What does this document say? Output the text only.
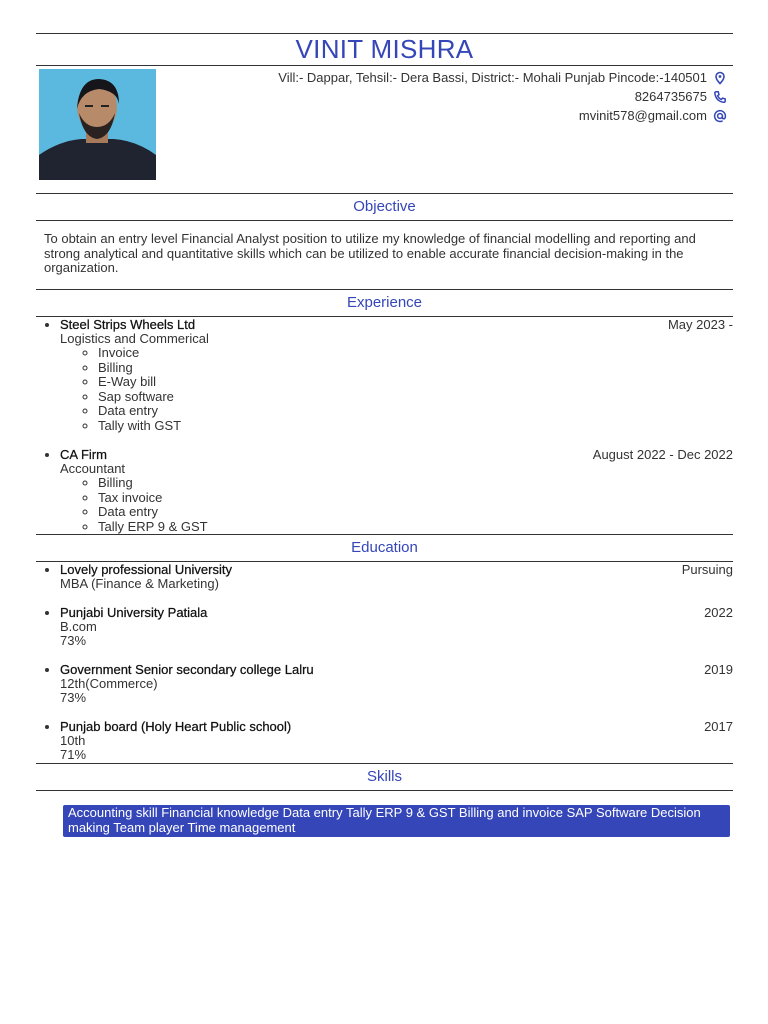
VINIT MISHRA
Vill:- Dappar, Tehsil:- Dera Bassi, District:- Mohali Punjab Pincode:-140501
8264735675
mvinit578@gmail.com
Objective
To obtain an entry level Financial Analyst position to utilize my knowledge of financial modelling and reporting and strong analytical and quantitative skills which can be utilized to enable accurate financial decision-making in the organization.
Experience
• Steel Strips Wheels Ltd	May 2023 -
Logistics and Commerical
◦ Invoice
◦ Billing
◦ E-Way bill
◦ Sap software
◦ Data entry
◦ Tally with GST
• CA Firm	August 2022 - Dec 2022
Accountant
◦ Billing
◦ Tax invoice
◦ Data entry
◦ Tally ERP 9 & GST
Education
• Lovely professional University	Pursuing
MBA (Finance & Marketing)
• Punjabi University Patiala	2022
B.com
73%
• Government Senior secondary college Lalru	2019
12th(Commerce)
73%
• Punjab board (Holy Heart Public school)	2017
10th
71%
Skills
Accounting skill Financial knowledge Data entry Tally ERP 9 & GST Billing and invoice SAP Software Decision making Team player Time management
